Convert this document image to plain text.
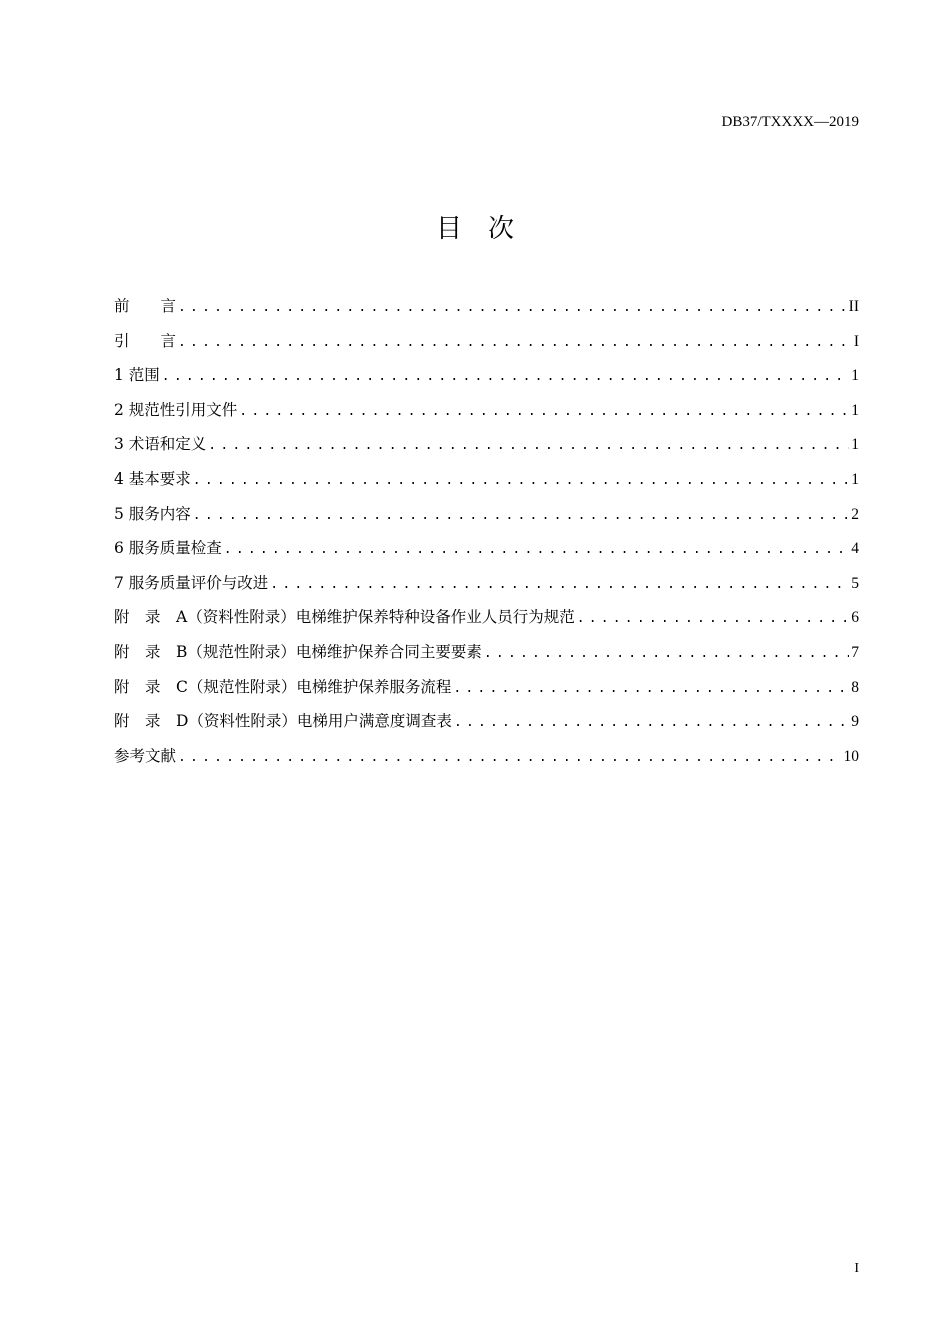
DB37/TXXXX—2019
目　次
前　　言 .....	II
引　　言 .....	I
1 范围 .....	1
2 规范性引用文件 .....	1
3 术语和定义 .....	1
4 基本要求 .....	1
5 服务内容 .....	2
6 服务质量检查 .....	4
7 服务质量评价与改进 .....	5
附　录　A（资料性附录）电梯维护保养特种设备作业人员行为规范 .....	6
附　录　B（规范性附录）电梯维护保养合同主要要素 .....	7
附　录　C（规范性附录）电梯维护保养服务流程 .....	8
附　录　D（资料性附录）电梯用户满意度调查表 .....	9
参考文献 .....	10
I
